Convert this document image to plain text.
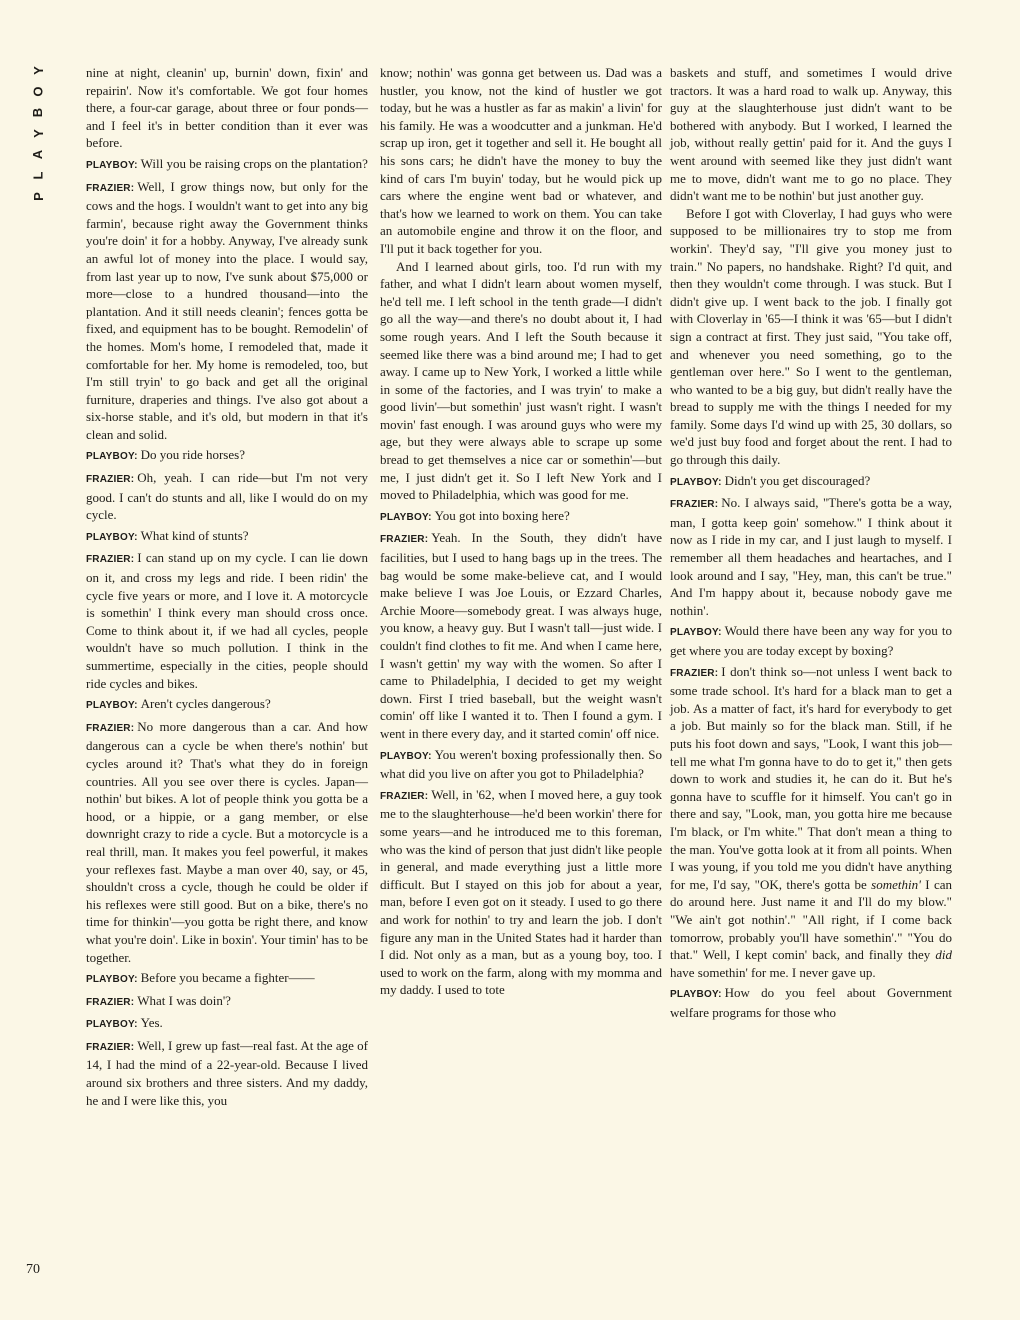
Y
O
B
Y
A
L
P

nine at night, cleanin' up, burnin' down, fixin' and repairin'. Now it's comfortable. We got four homes there, a four-car garage, about three or four ponds—and I feel it's in better condition than it ever was before.

PLAYBOY: Will you be raising crops on the plantation?

FRAZIER: Well, I grow things now, but only for the cows and the hogs. I wouldn't want to get into any big farmin', because right away the Government thinks you're doin' it for a hobby. Anyway, I've already sunk an awful lot of money into the place. I would say, from last year up to now, I've sunk about $75,000 or more—close to a hundred thousand—into the plantation. And it still needs cleanin'; fences gotta be fixed, and equipment has to be bought. Remodelin' of the homes. Mom's home, I remodeled that, made it comfortable for her. My home is remodeled, too, but I'm still tryin' to go back and get all the original furniture, draperies and things. I've also got about a six-horse stable, and it's old, but modern in that it's clean and solid.

PLAYBOY: Do you ride horses?

FRAZIER: Oh, yeah. I can ride—but I'm not very good. I can't do stunts and all, like I would do on my cycle.

PLAYBOY: What kind of stunts?

FRAZIER: I can stand up on my cycle. I can lie down on it, and cross my legs and ride. I been ridin' the cycle five years or more, and I love it. A motorcycle is somethin' I think every man should cross once. Come to think about it, if we had all cycles, people wouldn't have so much pollution. I think in the summertime, especially in the cities, people should ride cycles and bikes.

PLAYBOY: Aren't cycles dangerous?

FRAZIER: No more dangerous than a car. And how dangerous can a cycle be when there's nothin' but cycles around it? That's what they do in foreign countries. All you see over there is cycles. Japan—nothin' but bikes. A lot of people think you gotta be a hood, or a hippie, or a gang member, or else downright crazy to ride a cycle. But a motorcycle is a real thrill, man. It makes you feel powerful, it makes your reflexes fast. Maybe a man over 40, say, or 45, shouldn't cross a cycle, though he could be older if his reflexes were still good. But on a bike, there's no time for thinkin'—you gotta be right there, and know what you're doin'. Like in boxin'. Your timin' has to be together.

PLAYBOY: Before you became a fighter——

FRAZIER: What I was doin'?

PLAYBOY: Yes.

FRAZIER: Well, I grew up fast—real fast. At the age of 14, I had the mind of a 22-year-old. Because I lived around six brothers and three sisters. And my daddy, he and I were like this, you

know; nothin' was gonna get between us. Dad was a hustler, you know, not the kind of hustler we got today, but he was a hustler as far as makin' a livin' for his family. He was a woodcutter and a junkman. He'd scrap up iron, get it together and sell it. He bought all his sons cars; he didn't have the money to buy the kind of cars I'm buyin' today, but he would pick up cars where the engine went bad or whatever, and that's how we learned to work on them. You can take an automobile engine and throw it on the floor, and I'll put it back together for you.

And I learned about girls, too. I'd run with my father, and what I didn't learn about women myself, he'd tell me. I left school in the tenth grade—I didn't go all the way—and there's no doubt about it, I had some rough years. And I left the South because it seemed like there was a bind around me; I had to get away. I came up to New York, I worked a little while in some of the factories, and I was tryin' to make a good livin'—but somethin' just wasn't right. I wasn't movin' fast enough. I was around guys who were my age, but they were always able to scrape up some bread to get themselves a nice car or somethin'—but me, I just didn't get it. So I left New York and I moved to Philadelphia, which was good for me.

PLAYBOY: You got into boxing here?

FRAZIER: Yeah. In the South, they didn't have facilities, but I used to hang bags up in the trees. The bag would be some make-believe cat, and I would make believe I was Joe Louis, or Ezzard Charles, Archie Moore—somebody great. I was always huge, you know, a heavy guy. But I wasn't tall—just wide. I couldn't find clothes to fit me. And when I came here, I wasn't gettin' my way with the women. So after I came to Philadelphia, I decided to get my weight down. First I tried baseball, but the weight wasn't comin' off like I wanted it to. Then I found a gym. I went in there every day, and it started comin' off nice.

PLAYBOY: You weren't boxing professionally then. So what did you live on after you got to Philadelphia?

FRAZIER: Well, in '62, when I moved here, a guy took me to the slaughterhouse—he'd been workin' there for some years—and he introduced me to this foreman, who was the kind of person that just didn't like people in general, and made everything just a little more difficult. But I stayed on this job for about a year, man, before I even got on it steady. I used to go there and work for nothin' to try and learn the job. I don't figure any man in the United States had it harder than I did. Not only as a man, but as a young boy, too. I used to work on the farm, along with my momma and my daddy. I used to tote

baskets and stuff, and sometimes I would drive tractors. It was a hard road to walk up. Anyway, this guy at the slaughterhouse just didn't want to be bothered with anybody. But I worked, I learned the job, without really gettin' paid for it. And the guys I went around with seemed like they just didn't want me to move, didn't want me to go no place. They didn't want me to be nothin' but just another guy.

Before I got with Cloverlay, I had guys who were supposed to be millionaires try to stop me from workin'. They'd say, "I'll give you money just to train." No papers, no handshake. Right? I'd quit, and then they wouldn't come through. I was stuck. But I didn't give up. I went back to the job. I finally got with Cloverlay in '65—I think it was '65—but I didn't sign a contract at first. They just said, "You take off, and whenever you need something, go to the gentleman over here." So I went to the gentleman, who wanted to be a big guy, but didn't really have the bread to supply me with the things I needed for my family. Some days I'd wind up with 25, 30 dollars, so we'd just buy food and forget about the rent. I had to go through this daily.

PLAYBOY: Didn't you get discouraged?

FRAZIER: No. I always said, "There's gotta be a way, man, I gotta keep goin' somehow." I think about it now as I ride in my car, and I just laugh to myself. I remember all them headaches and heartaches, and I look around and I say, "Hey, man, this can't be true." And I'm happy about it, because nobody gave me nothin'.

PLAYBOY: Would there have been any way for you to get where you are today except by boxing?

FRAZIER: I don't think so—not unless I went back to some trade school. It's hard for a black man to get a job. As a matter of fact, it's hard for everybody to get a job. But mainly so for the black man. Still, if he puts his foot down and says, "Look, I want this job—tell me what I'm gonna have to do to get it," then gets down to work and studies it, he can do it. But he's gonna have to scuffle for it himself. You can't go in there and say, "Look, man, you gotta hire me because I'm black, or I'm white." That don't mean a thing to the man. You've gotta look at it from all points. When I was young, if you told me you didn't have anything for me, I'd say, "OK, there's gotta be somethin' I can do around here. Just name it and I'll do my blow." "We ain't got nothin'." "All right, if I come back tomorrow, probably you'll have somethin'." "You do that." Well, I kept comin' back, and finally they did have somethin' for me. I never gave up.

PLAYBOY: How do you feel about Government welfare programs for those who

70
